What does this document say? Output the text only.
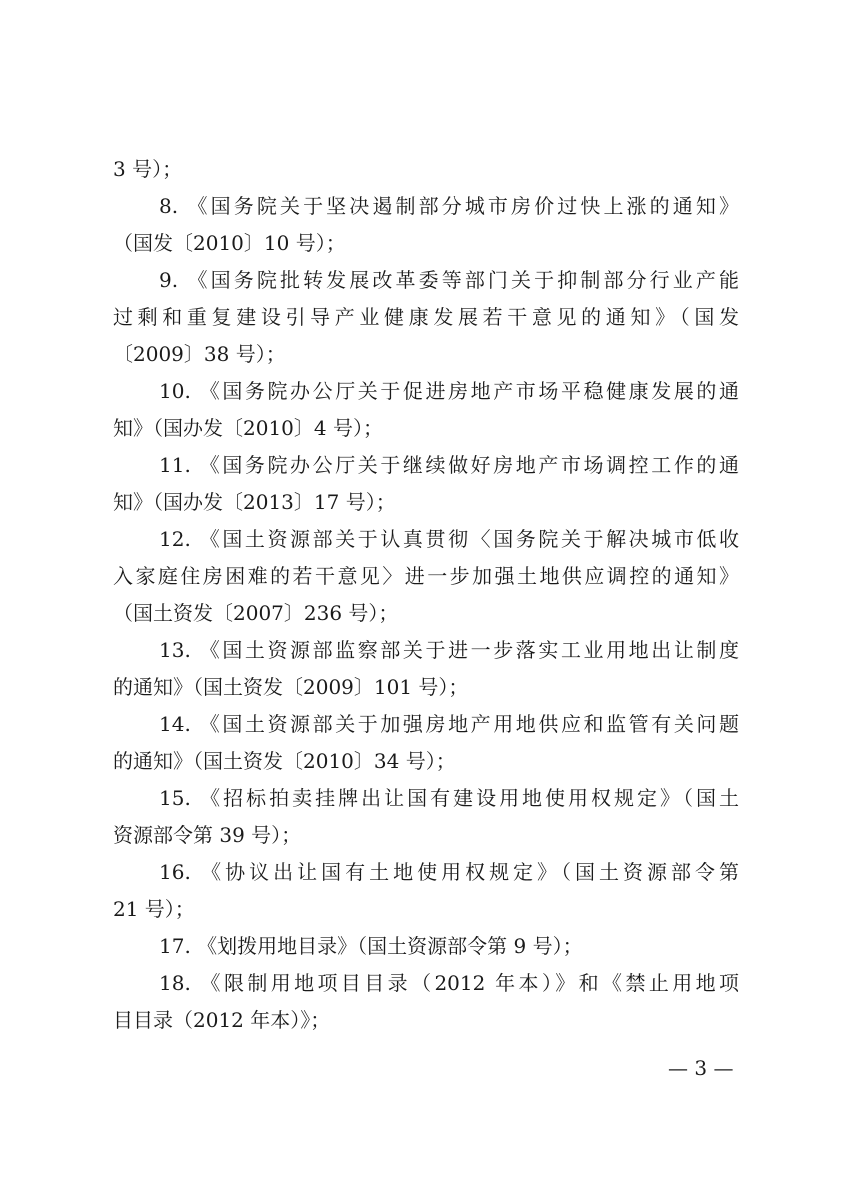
3 号）；
8. 《国务院关于坚决遏制部分城市房价过快上涨的通知》
（国发〔2010〕10 号）；
9. 《国务院批转发展改革委等部门关于抑制部分行业产能
过剩和重复建设引导产业健康发展若干意见的通知》（国发
〔2009〕38 号）；
10. 《国务院办公厅关于促进房地产市场平稳健康发展的通
知》（国办发〔2010〕4 号）；
11. 《国务院办公厅关于继续做好房地产市场调控工作的通
知》（国办发〔2013〕17 号）；
12. 《国土资源部关于认真贯彻〈国务院关于解决城市低收
入家庭住房困难的若干意见〉进一步加强土地供应调控的通知》
（国土资发〔2007〕236 号）；
13. 《国土资源部监察部关于进一步落实工业用地出让制度
的通知》（国土资发〔2009〕101 号）；
14. 《国土资源部关于加强房地产用地供应和监管有关问题
的通知》（国土资发〔2010〕34 号）；
15. 《招标拍卖挂牌出让国有建设用地使用权规定》（国土
资源部令第 39 号）；
16. 《协议出让国有土地使用权规定》（国土资源部令第
21 号）；
17. 《划拨用地目录》（国土资源部令第 9 号）；
18. 《限制用地项目目录（2012 年本）》和《禁止用地项
目目录（2012 年本）》；
— 3 —
